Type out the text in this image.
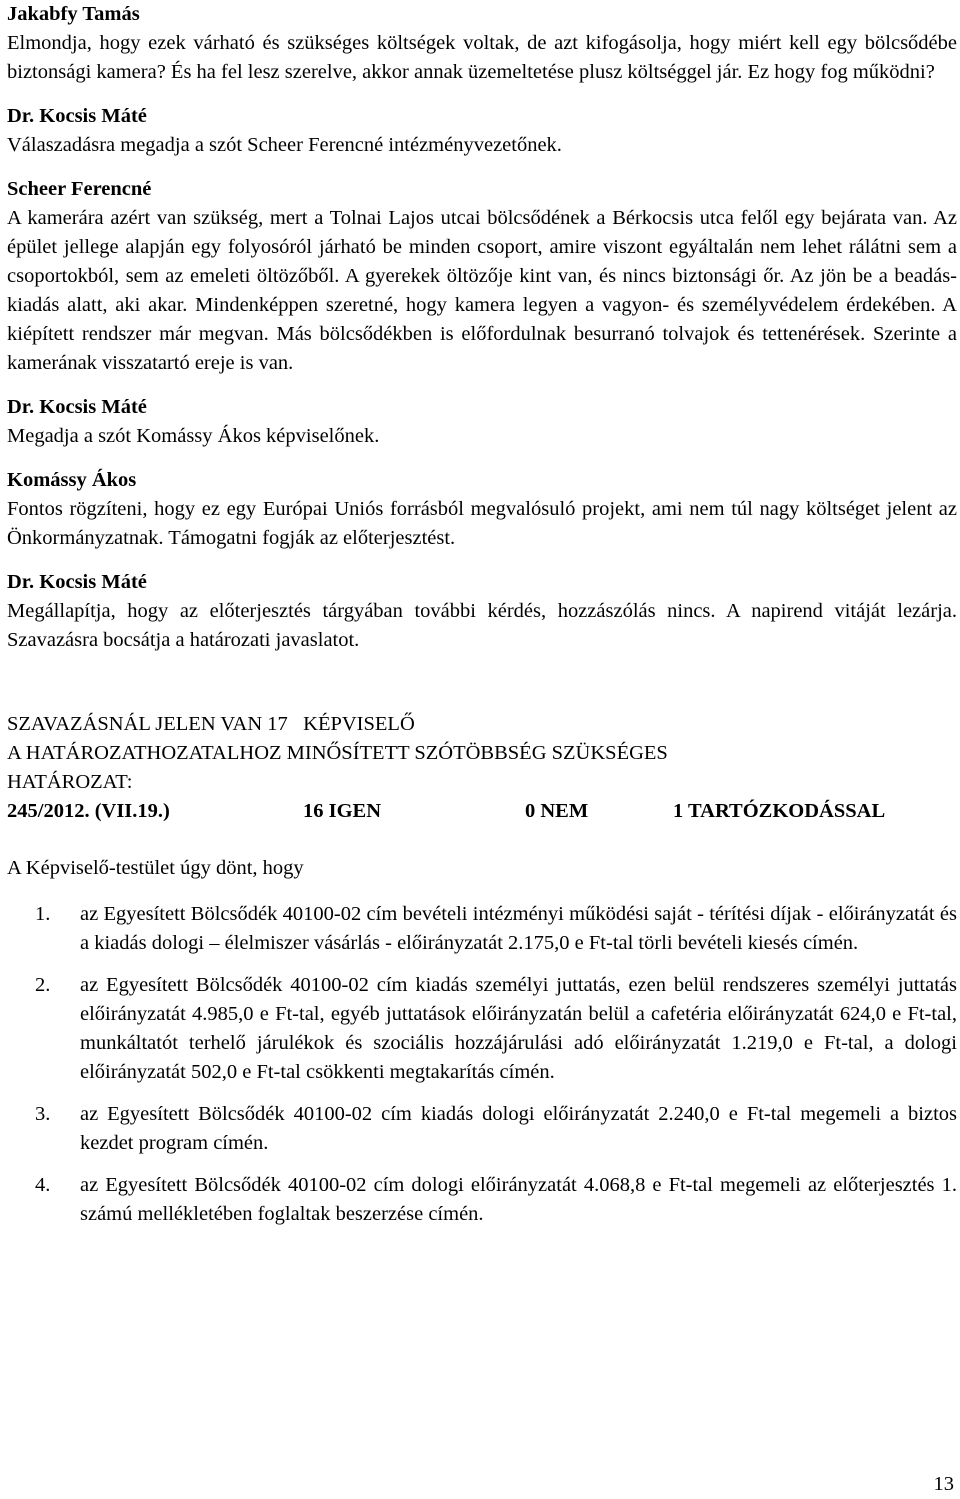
Jakabfy Tamás

Elmondja, hogy ezek várható és szükséges költségek voltak, de azt kifogásolja, hogy miért kell egy bölcsődébe biztonsági kamera? És ha fel lesz szerelve, akkor annak üzemeltetése plusz költséggel jár. Ez hogy fog működni?

Dr. Kocsis Máté

Válaszadásra megadja a szót Scheer Ferencné intézményvezetőnek.

Scheer Ferencné

A kamerára azért van szükség, mert a Tolnai Lajos utcai bölcsődének a Bérkocsis utca felől egy bejárata van. Az épület jellege alapján egy folyosóról járható be minden csoport, amire viszont egyáltalán nem lehet rálátni sem a csoportokból, sem az emeleti öltözőből. A gyerekek öltözője kint van, és nincs biztonsági őr. Az jön be a beadás-kiadás alatt, aki akar. Mindenképpen szeretné, hogy kamera legyen a vagyon- és személyvédelem érdekében. A kiépített rendszer már megvan. Más bölcsődékben is előfordulnak besurranó tolvajok és tettenérések. Szerinte a kamerának visszatartó ereje is van.

Dr. Kocsis Máté

Megadja a szót Komássy Ákos képviselőnek.

Komássy Ákos

Fontos rögzíteni, hogy ez egy Európai Uniós forrásból megvalósuló projekt, ami nem túl nagy költséget jelent az Önkormányzatnak. Támogatni fogják az előterjesztést.

Dr. Kocsis Máté

Megállapítja, hogy az előterjesztés tárgyában további kérdés, hozzászólás nincs. A napirend vitáját lezárja. Szavazásra bocsátja a határozati javaslatot.

SZAVAZÁSNÁL JELEN VAN 17   KÉPVISELŐ

A HATÁROZATHOZATALHOZ MINŐSÍTETT SZÓTÖBBSÉG SZÜKSÉGES

HATÁROZAT:

245/2012. (VII.19.)	16 IGEN	0 NEM	1 TARTÓZKODÁSSAL

A Képviselő-testület úgy dönt, hogy

1.	az Egyesített Bölcsődék 40100-02 cím bevételi intézményi működési saját - térítési díjak - előirányzatát és a kiadás dologi – élelmiszer vásárlás - előirányzatát 2.175,0 e Ft-tal törli bevételi kiesés címén.
2.	az Egyesített Bölcsődék 40100-02 cím kiadás személyi juttatás, ezen belül rendszeres személyi juttatás előirányzatát 4.985,0 e Ft-tal, egyéb juttatások előirányzatán belül a cafetéria előirányzatát 624,0 e Ft-tal, munkáltatót terhelő járulékok és szociális hozzájárulási adó előirányzatát 1.219,0 e Ft-tal, a dologi előirányzatát 502,0 e Ft-tal csökkenti megtakarítás címén.
3.	az Egyesített Bölcsődék 40100-02 cím kiadás dologi előirányzatát 2.240,0 e Ft-tal megemeli a biztos kezdet program címén.
4.	az Egyesített Bölcsődék 40100-02 cím dologi előirányzatát 4.068,8 e Ft-tal megemeli az előterjesztés 1. számú mellékletében foglaltak beszerzése címén.

13
